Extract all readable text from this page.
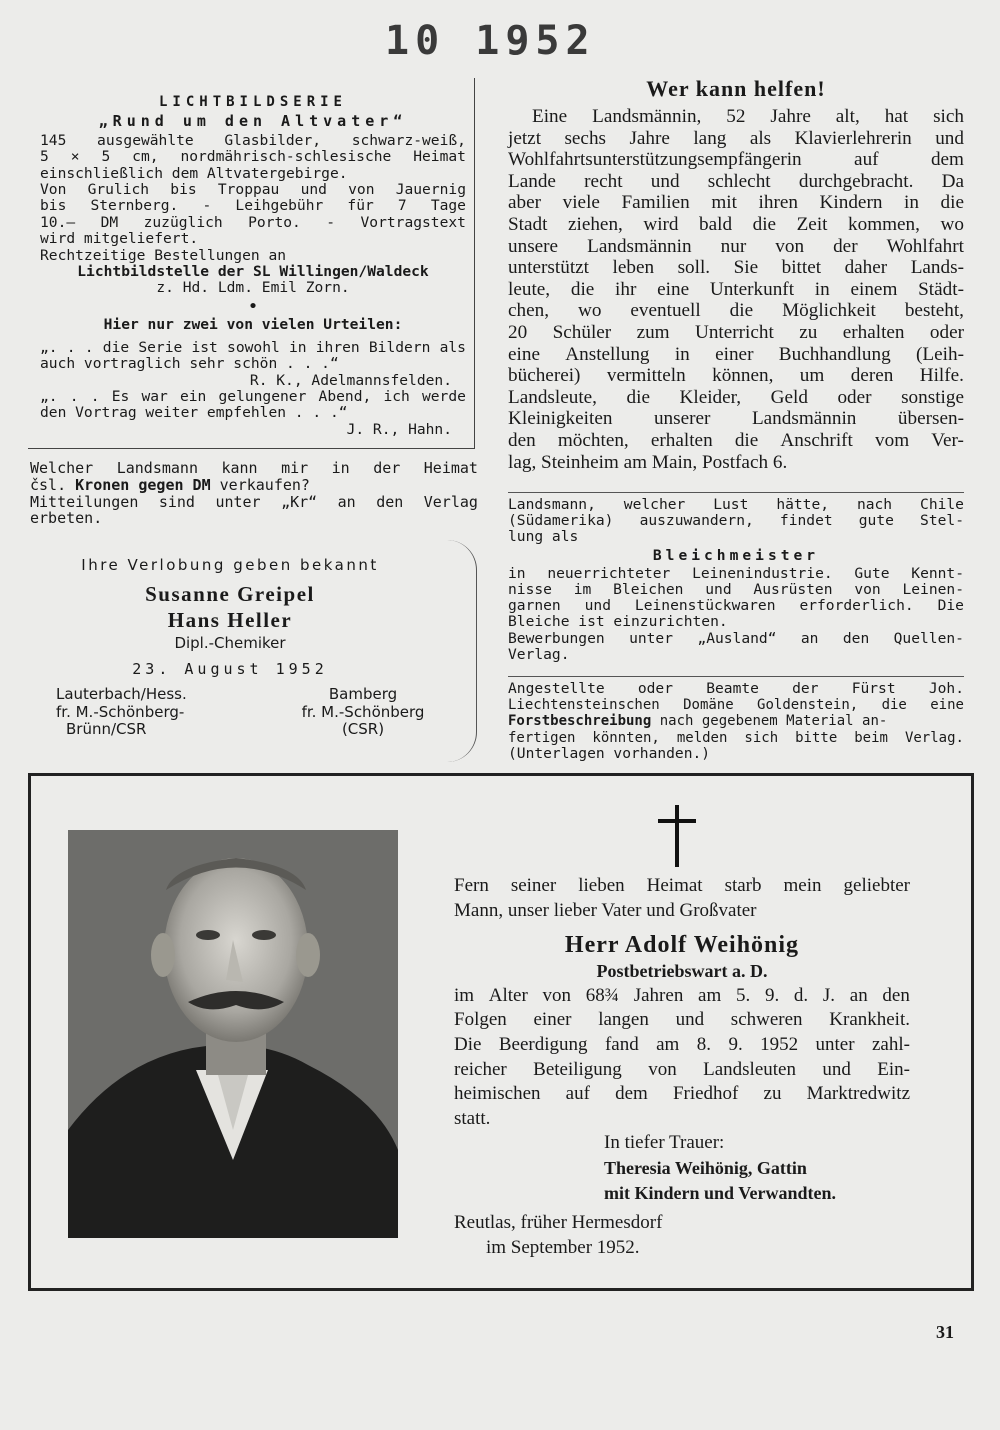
10 1952
LICHTBILDSERIE
„Rund um den Altvater“
145 ausgewählte Glasbilder, schwarz-weiß,
5 × 5 cm, nordmährisch-schlesische Heimat
einschließlich dem Altvatergebirge.
Von Grulich bis Troppau und von Jauernig
bis Sternberg. - Leihgebühr für 7 Tage
10.— DM zuzüglich Porto. - Vortragstext
wird mitgeliefert.
Rechtzeitige Bestellungen an
Lichtbildstelle der SL Willingen/Waldeck
z. Hd. Ldm. Emil Zorn.
•
Hier nur zwei von vielen Urteilen:
„. . . die Serie ist sowohl in ihren Bildern als
auch vortraglich sehr schön . . .“
R. K., Adelmannsfelden.
„. . . Es war ein gelungener Abend, ich werde
den Vortrag weiter empfehlen . . .“
J. R., Hahn.
Welcher Landsmann kann mir in der Heimat
čsl. Kronen gegen DM verkaufen?
Mitteilungen sind unter „Kr“ an den Verlag
erbeten.
Ihre Verlobung geben bekannt
Susanne Greipel
Hans Heller
Dipl.-Chemiker
23. August 1952
Lauterbach/Hess.
fr. M.-Schönberg-
Brünn/CSR
Bamberg
fr. M.-Schönberg
(CSR)
Wer kann helfen!
Eine Landsmännin, 52 Jahre alt, hat sich
jetzt sechs Jahre lang als Klavierlehrerin und
Wohlfahrtsunterstützungsempfängerin	auf	dem
Lande recht und schlecht durchgebracht. Da
aber viele Familien mit ihren Kindern in die
Stadt ziehen, wird bald die Zeit kommen, wo
unsere Landsmännin nur von der Wohlfahrt
unterstützt leben soll. Sie bittet daher Lands-
leute, die ihr eine Unterkunft in einem Städt-
chen, wo eventuell die Möglichkeit besteht,
20 Schüler zum Unterricht zu erhalten oder
eine Anstellung in einer Buchhandlung (Leih-
bücherei) vermitteln können, um deren Hilfe.
Landsleute, die Kleider, Geld oder sonstige
Kleinigkeiten unserer Landsmännin übersen-
den möchten, erhalten die Anschrift vom Ver-
lag, Steinheim am Main, Postfach 6.
Landsmann, welcher Lust hätte, nach Chile
(Südamerika) auszuwandern, findet gute Stel-
lung als
Bleichmeister
in neuerrichteter Leinenindustrie. Gute Kennt-
nisse im Bleichen und Ausrüsten von Leinen-
garnen und Leinenstückwaren erforderlich. Die
Bleiche ist einzurichten.
Bewerbungen unter „Ausland“ an den Quellen-
Verlag.
Angestellte oder Beamte der Fürst Joh.
Liechtensteinschen Domäne Goldenstein, die eine
Forstbeschreibung nach gegebenem Material an-
fertigen könnten, melden sich bitte beim Verlag.
(Unterlagen vorhanden.)
Fern seiner lieben Heimat starb mein geliebter
Mann, unser lieber Vater und Großvater
Herr Adolf Weihönig
Postbetriebswart a. D.
im Alter von 68¾ Jahren am 5. 9. d. J. an den
Folgen einer langen und schweren Krankheit.
Die Beerdigung fand am 8. 9. 1952 unter zahl-
reicher Beteiligung von Landsleuten und Ein-
heimischen auf dem Friedhof zu Marktredwitz
statt.
In tiefer Trauer:
Theresia Weihönig, Gattin
mit Kindern und Verwandten.
Reutlas, früher Hermesdorf
im September 1952.
31
